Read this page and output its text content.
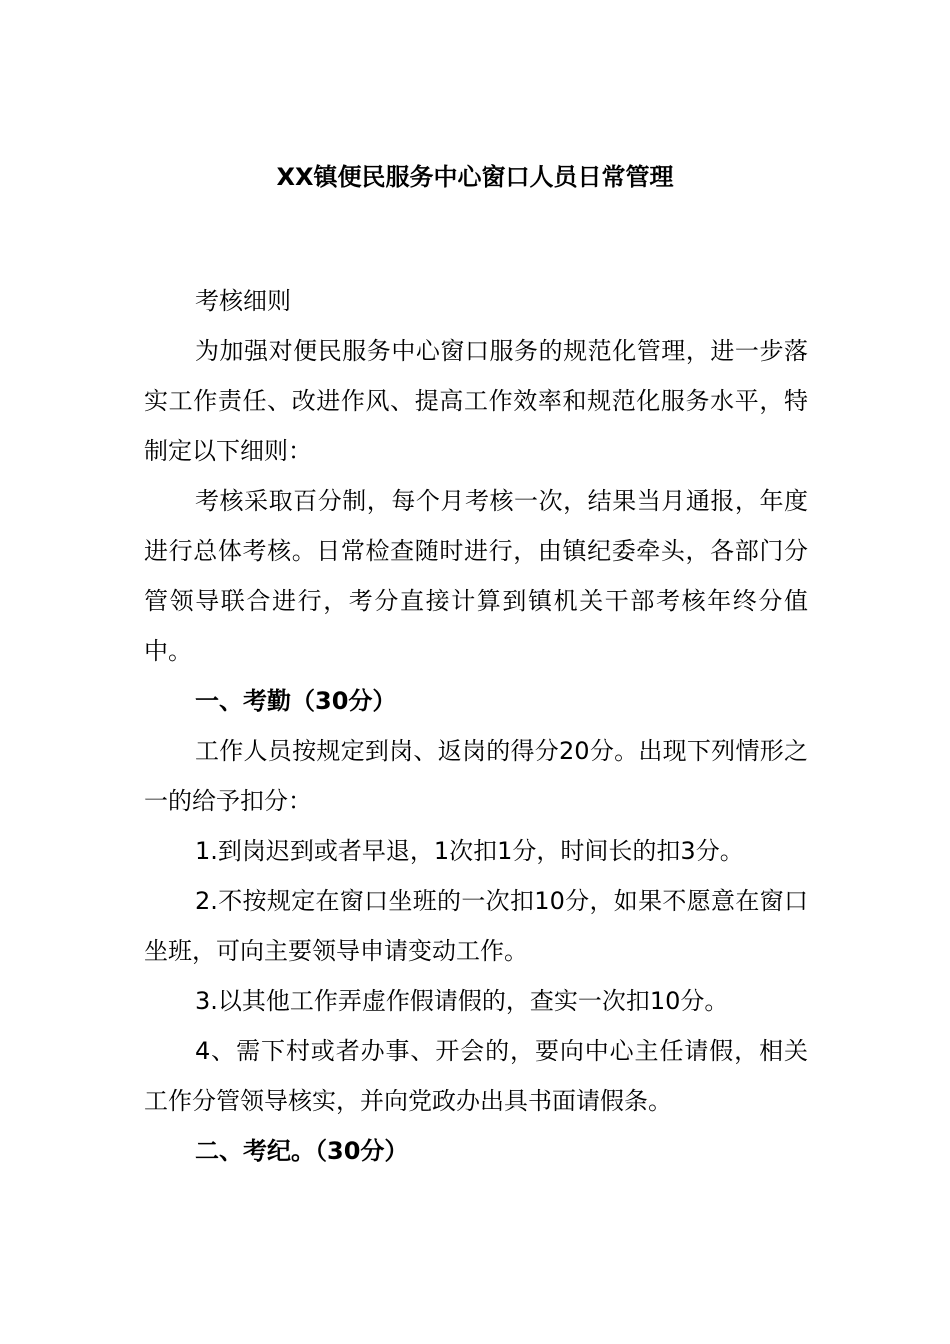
XX镇便民服务中心窗口人员日常管理

考核细则

为加强对便民服务中心窗口服务的规范化管理，进一步落实工作责任、改进作风、提高工作效率和规范化服务水平，特制定以下细则：

考核采取百分制，每个月考核一次，结果当月通报，年度进行总体考核。日常检查随时进行，由镇纪委牵头，各部门分管领导联合进行，考分直接计算到镇机关干部考核年终分值中。

一、考勤（30分）

工作人员按规定到岗、返岗的得分20分。出现下列情形之一的给予扣分：

1.到岗迟到或者早退，1次扣1分，时间长的扣3分。

2.不按规定在窗口坐班的一次扣10分，如果不愿意在窗口坐班，可向主要领导申请变动工作。

3.以其他工作弄虚作假请假的，查实一次扣10分。

4、需下村或者办事、开会的，要向中心主任请假，相关工作分管领导核实，并向党政办出具书面请假条。

二、考纪。（30分）
